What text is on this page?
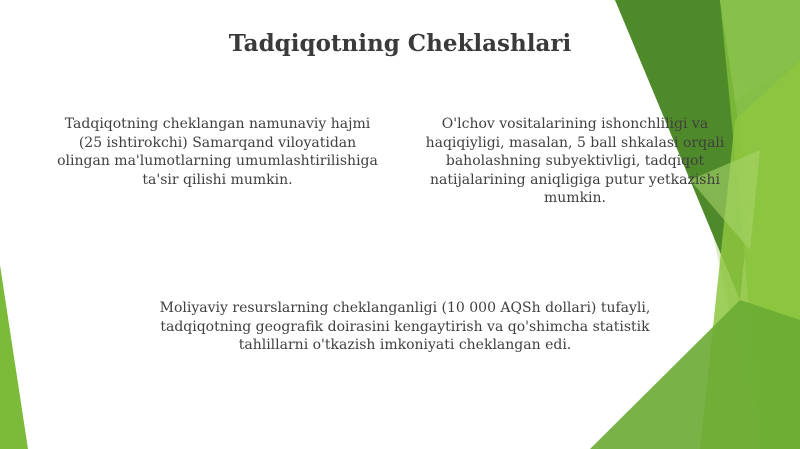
Tadqiqotning Cheklashlari

Tadqiqotning cheklangan namunaviy hajmi (25 ishtirokchi) Samarqand viloyatidan olingan ma'lumotlarning umumlashtirilishiga ta'sir qilishi mumkin.

O'lchov vositalarining ishonchliligi va haqiqiyligi, masalan, 5 ball shkalasi orqali baholashning subyektivligi, tadqiqot natijalarining aniqligiga putur yetkazishi mumkin.

Moliyaviy resurslarning cheklanganligi (10 000 AQSh dollari) tufayli, tadqiqotning geografik doirasini kengaytirish va qo'shimcha statistik tahlillarni o'tkazish imkoniyati cheklangan edi.
